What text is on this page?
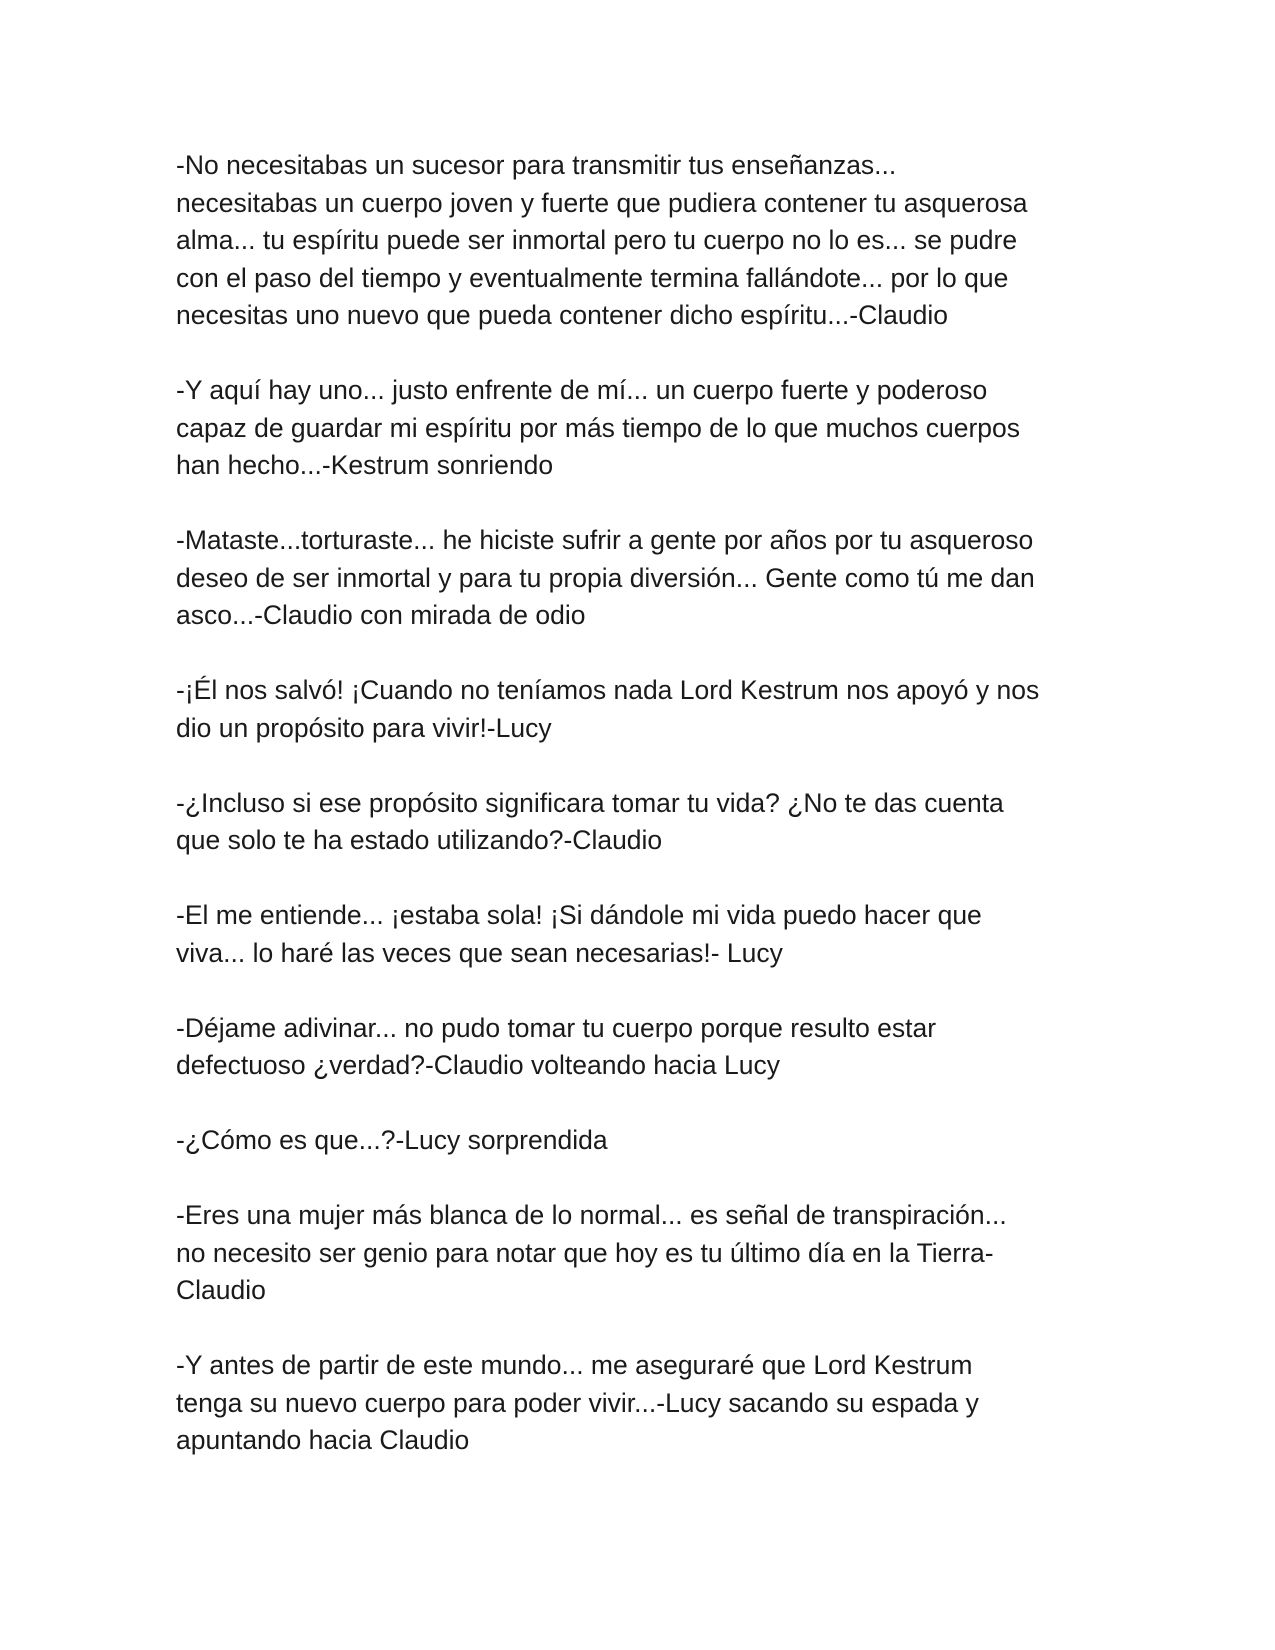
-No necesitabas un sucesor para transmitir tus enseñanzas...
necesitabas un cuerpo joven y fuerte que pudiera contener tu asquerosa
alma... tu espíritu puede ser inmortal pero tu cuerpo no lo es... se pudre
con el paso del tiempo y eventualmente termina fallándote... por lo que
necesitas uno nuevo que pueda contener dicho espíritu...-Claudio

-Y aquí hay uno... justo enfrente de mí... un cuerpo fuerte y poderoso
capaz de guardar mi espíritu por más tiempo de lo que muchos cuerpos
han hecho...-Kestrum sonriendo

-Mataste...torturaste... he hiciste sufrir a gente por años por tu asqueroso
deseo de ser inmortal y para tu propia diversión... Gente como tú me dan
asco...-Claudio con mirada de odio

-¡Él nos salvó! ¡Cuando no teníamos nada Lord Kestrum nos apoyó y nos
dio un propósito para vivir!-Lucy

-¿Incluso si ese propósito significara tomar tu vida? ¿No te das cuenta
que solo te ha estado utilizando?-Claudio

-El me entiende... ¡estaba sola! ¡Si dándole mi vida puedo hacer que
viva... lo haré las veces que sean necesarias!- Lucy

-Déjame adivinar... no pudo tomar tu cuerpo porque resulto estar
defectuoso ¿verdad?-Claudio volteando hacia Lucy

-¿Cómo es que...?-Lucy sorprendida

-Eres una mujer más blanca de lo normal... es señal de transpiración...
no necesito ser genio para notar que hoy es tu último día en la Tierra-
Claudio

-Y antes de partir de este mundo... me aseguraré que Lord Kestrum
tenga su nuevo cuerpo para poder vivir...-Lucy sacando su espada y
apuntando hacia Claudio
